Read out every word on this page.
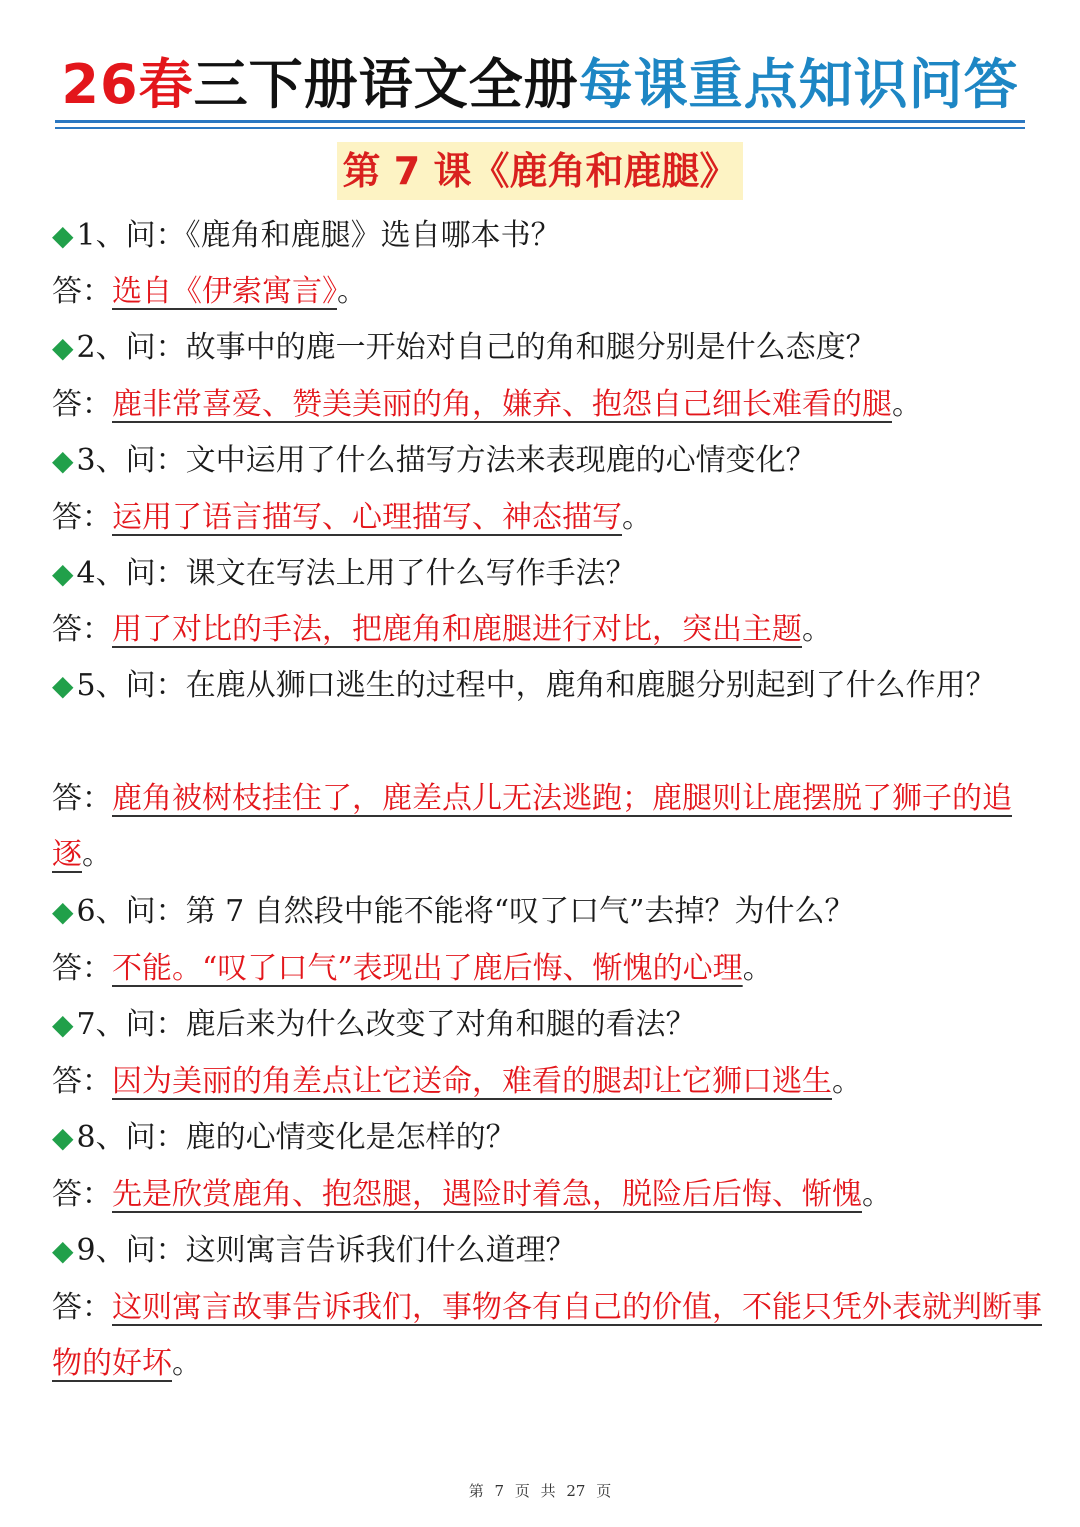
26春三下册语文全册每课重点知识问答
第 7 课《鹿角和鹿腿》
◆ 1、问：《鹿角和鹿腿》选自哪本书？
答：选自《伊索寓言》。
◆ 2、问：故事中的鹿一开始对自己的角和腿分别是什么态度？
答：鹿非常喜爱、赞美美丽的角，嫌弃、抱怨自己细长难看的腿。
◆ 3、问：文中运用了什么描写方法来表现鹿的心情变化？
答：运用了语言描写、心理描写、神态描写。
◆ 4、问：课文在写法上用了什么写作手法？
答：用了对比的手法，把鹿角和鹿腿进行对比，突出主题。
◆ 5、问：在鹿从狮口逃生的过程中，鹿角和鹿腿分别起到了什么作用？
答：鹿角被树枝挂住了，鹿差点儿无法逃跑；鹿腿则让鹿摆脱了狮子的追逐。
◆ 6、问：第 7 自然段中能不能将“叹了口气”去掉？为什么？
答：不能。“叹了口气”表现出了鹿后悔、惭愧的心理。
◆ 7、问：鹿后来为什么改变了对角和腿的看法？
答：因为美丽的角差点让它送命，难看的腿却让它狮口逃生。
◆ 8、问：鹿的心情变化是怎样的？
答：先是欣赏鹿角、抱怨腿，遇险时着急，脱险后后悔、惭愧。
◆ 9、问：这则寓言告诉我们什么道理？
答：这则寓言故事告诉我们，事物各有自己的价值，不能只凭外表就判断事物的好坏。
第 7 页 共 27 页
